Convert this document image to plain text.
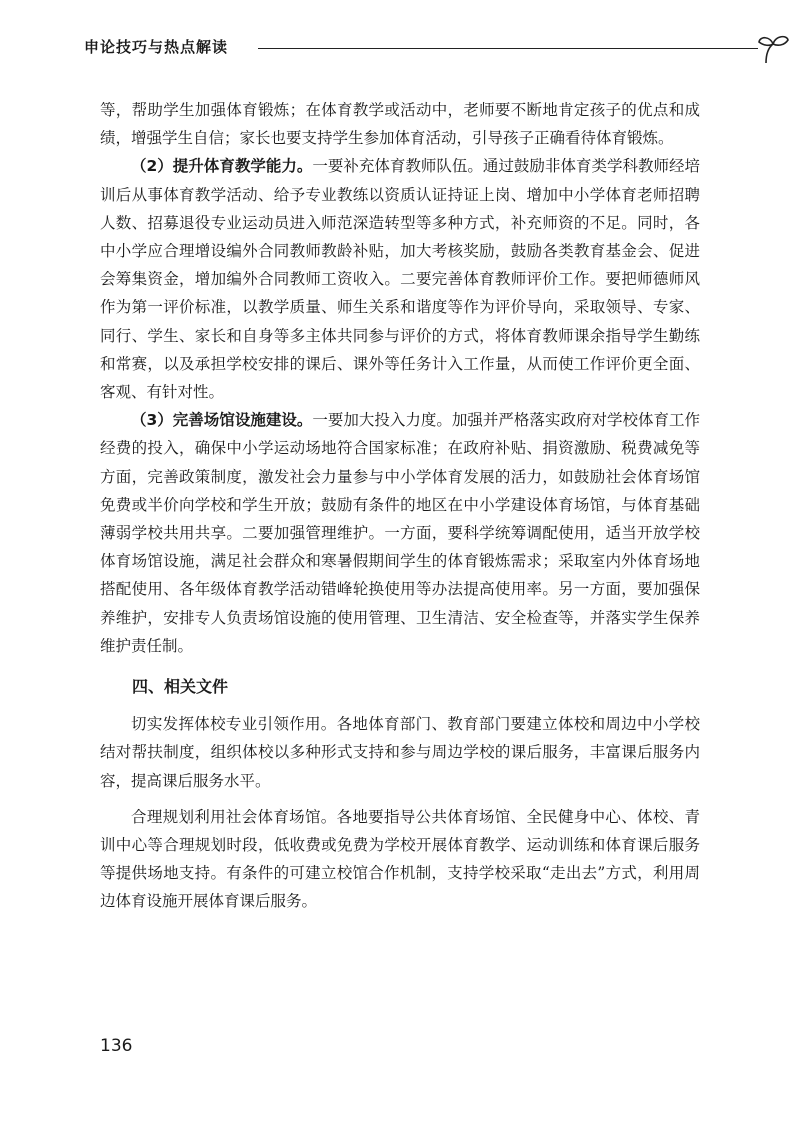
申论技巧与热点解读

等，帮助学生加强体育锻炼；在体育教学或活动中，老师要不断地肯定孩子的优点和成绩，增强学生自信；家长也要支持学生参加体育活动，引导孩子正确看待体育锻炼。

（2）提升体育教学能力。一要补充体育教师队伍。通过鼓励非体育类学科教师经培训后从事体育教学活动、给予专业教练以资质认证持证上岗、增加中小学体育老师招聘人数、招募退役专业运动员进入师范深造转型等多种方式，补充师资的不足。同时，各中小学应合理增设编外合同教师教龄补贴，加大考核奖励，鼓励各类教育基金会、促进会筹集资金，增加编外合同教师工资收入。二要完善体育教师评价工作。要把师德师风作为第一评价标准，以教学质量、师生关系和谐度等作为评价导向，采取领导、专家、同行、学生、家长和自身等多主体共同参与评价的方式，将体育教师课余指导学生勤练和常赛，以及承担学校安排的课后、课外等任务计入工作量，从而使工作评价更全面、客观、有针对性。

（3）完善场馆设施建设。一要加大投入力度。加强并严格落实政府对学校体育工作经费的投入，确保中小学运动场地符合国家标准；在政府补贴、捐资激励、税费减免等方面，完善政策制度，激发社会力量参与中小学体育发展的活力，如鼓励社会体育场馆免费或半价向学校和学生开放；鼓励有条件的地区在中小学建设体育场馆，与体育基础薄弱学校共用共享。二要加强管理维护。一方面，要科学统筹调配使用，适当开放学校体育场馆设施，满足社会群众和寒暑假期间学生的体育锻炼需求；采取室内外体育场地搭配使用、各年级体育教学活动错峰轮换使用等办法提高使用率。另一方面，要加强保养维护，安排专人负责场馆设施的使用管理、卫生清洁、安全检查等，并落实学生保养维护责任制。

四、相关文件

切实发挥体校专业引领作用。各地体育部门、教育部门要建立体校和周边中小学校结对帮扶制度，组织体校以多种形式支持和参与周边学校的课后服务，丰富课后服务内容，提高课后服务水平。

合理规划利用社会体育场馆。各地要指导公共体育场馆、全民健身中心、体校、青训中心等合理规划时段，低收费或免费为学校开展体育教学、运动训练和体育课后服务等提供场地支持。有条件的可建立校馆合作机制，支持学校采取“走出去”方式，利用周边体育设施开展体育课后服务。

136
